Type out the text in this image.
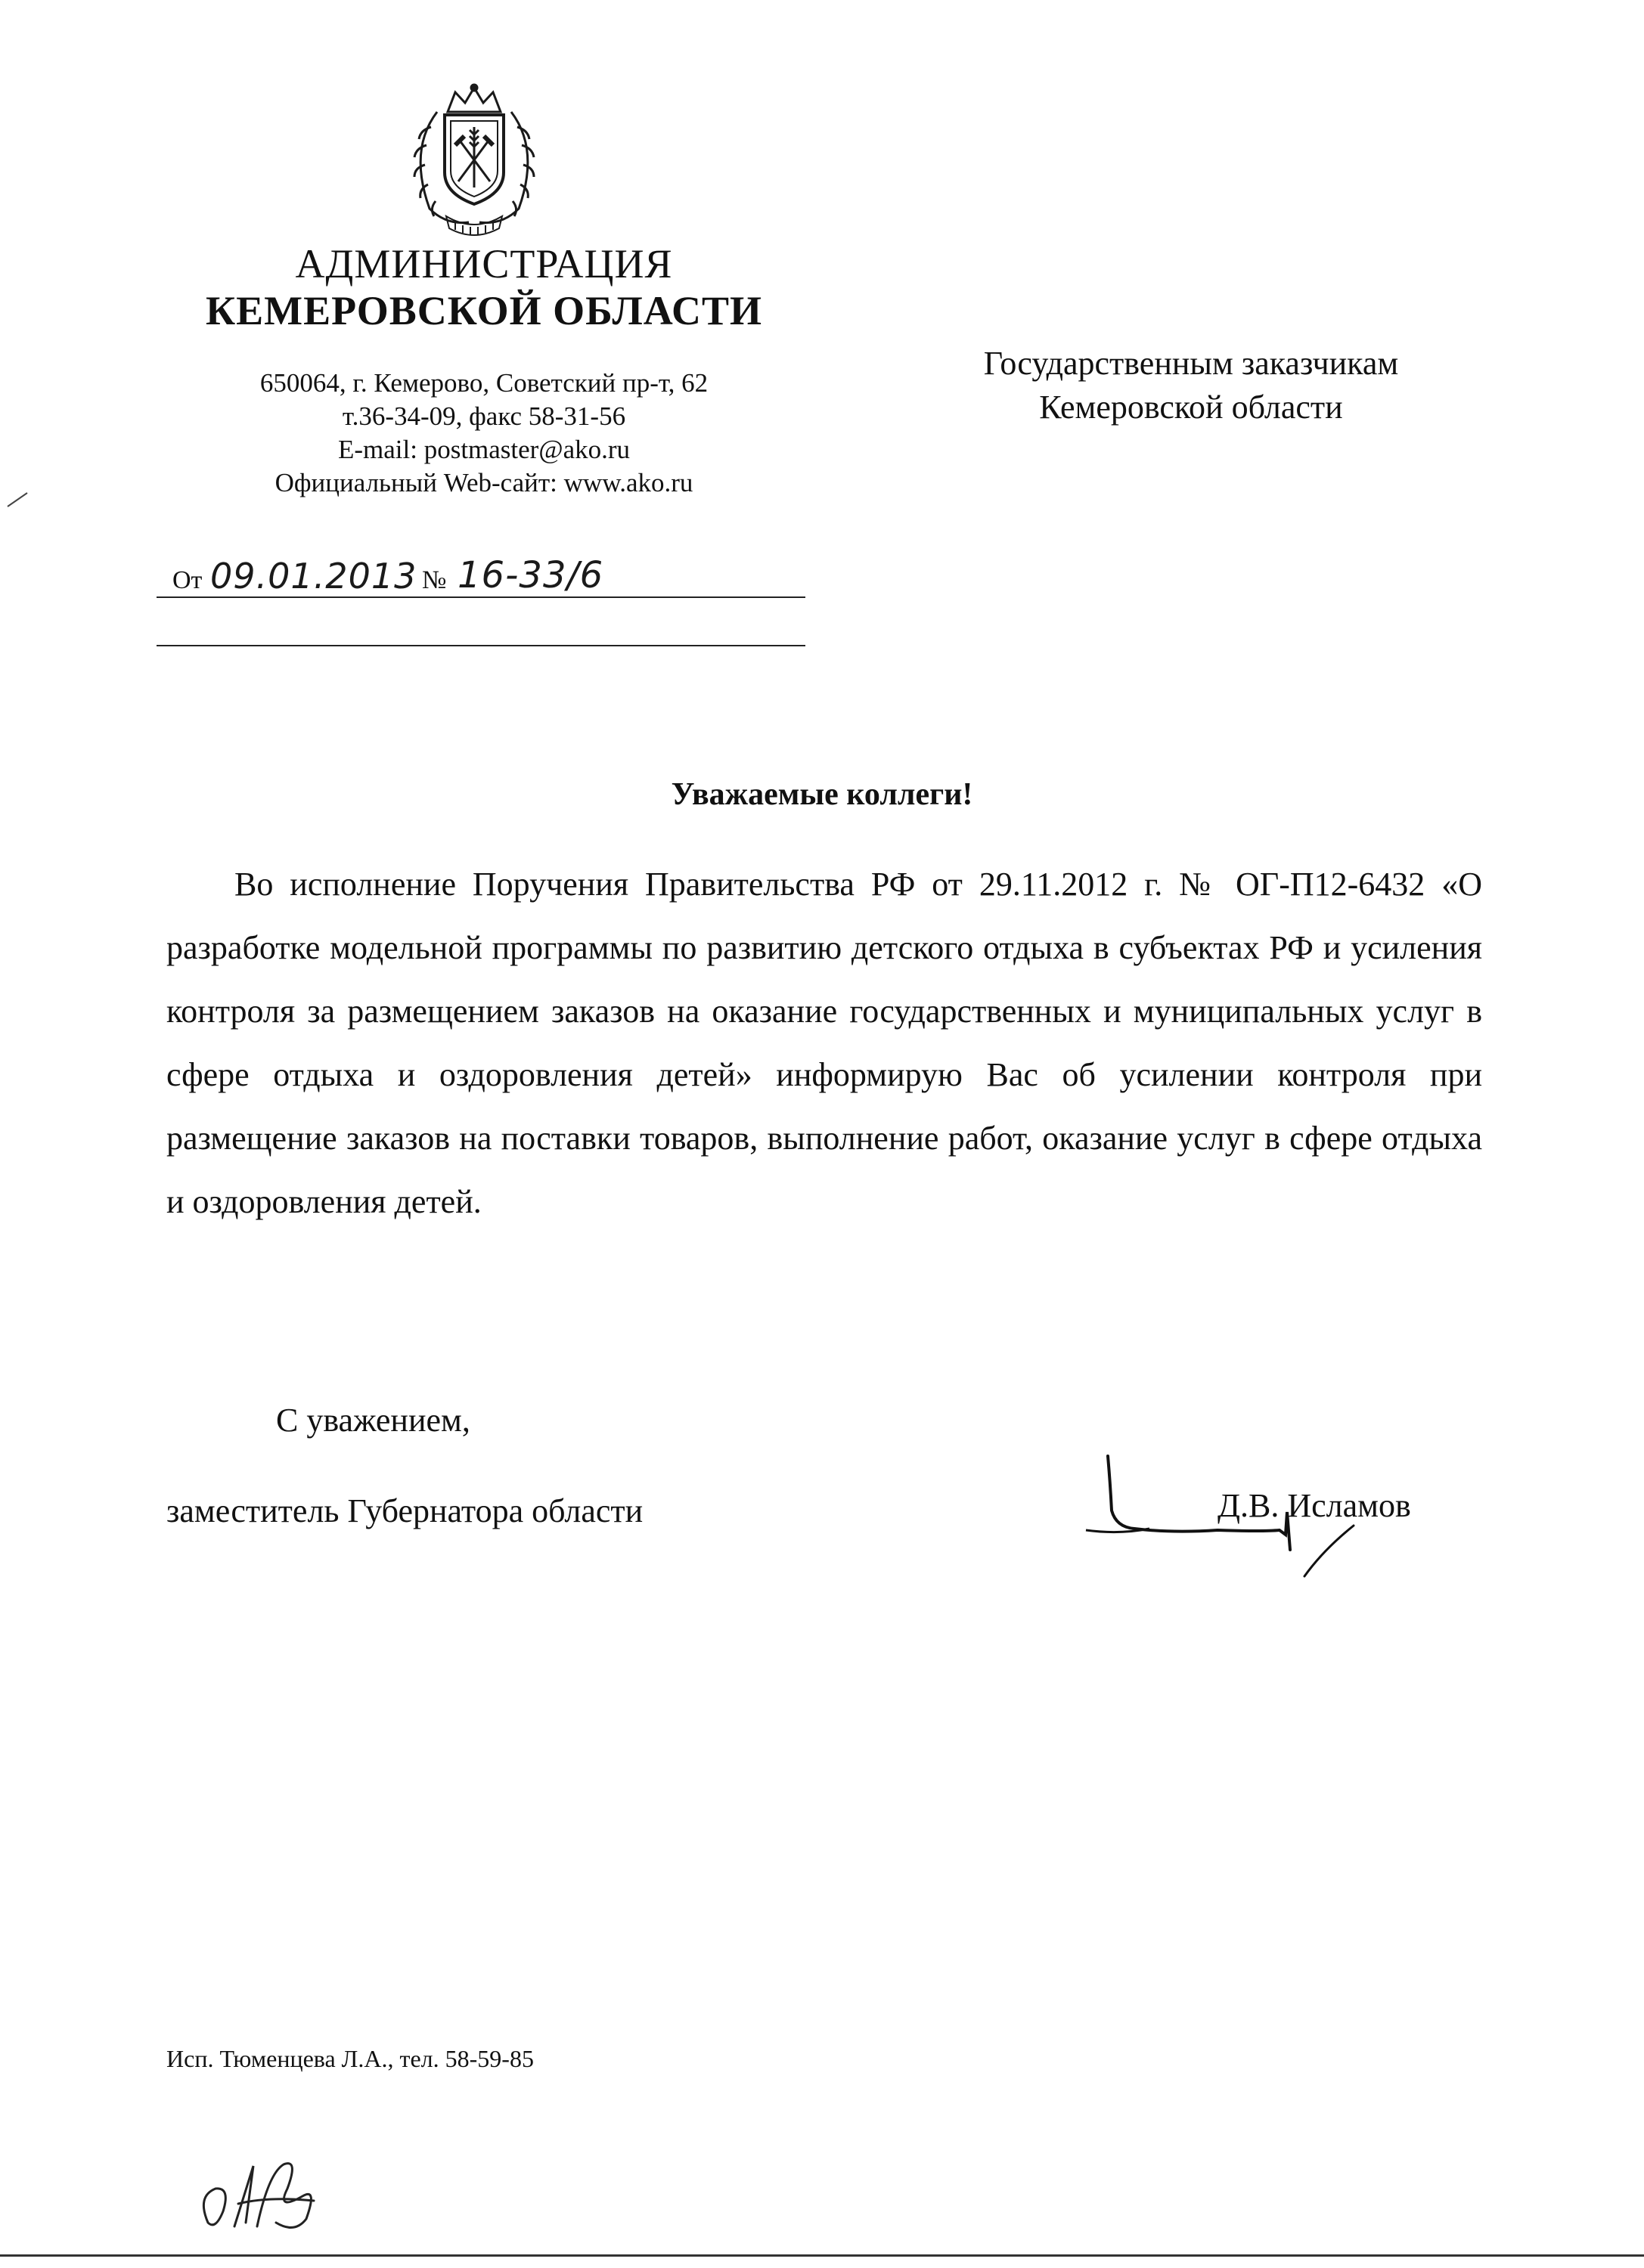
АДМИНИСТРАЦИЯ
КЕМЕРОВСКОЙ ОБЛАСТИ
650064, г. Кемерово, Советский пр-т, 62
т.36-34-09, факс 58-31-56
E-mail: postmaster@ako.ru
Официальный Web-сайт: www.ako.ru
Государственным заказчикам
Кемеровской области
От 09.01.2013 № 16-33/6
Уважаемые коллеги!
Во исполнение Поручения Правительства РФ от 29.11.2012 г. № ОГ-П12-6432 «О разработке модельной программы по развитию детского отдыха в субъектах РФ и усиления контроля за размещением заказов на оказание государственных и муниципальных услуг в сфере отдыха и оздоровления детей» информирую Вас об усилении контроля при размещение заказов на поставки товаров, выполнение работ, оказание услуг в сфере отдыха и оздоровления детей.
С уважением,
заместитель Губернатора области	Д.В. Исламов
Исп. Тюменцева Л.А., тел. 58-59-85
